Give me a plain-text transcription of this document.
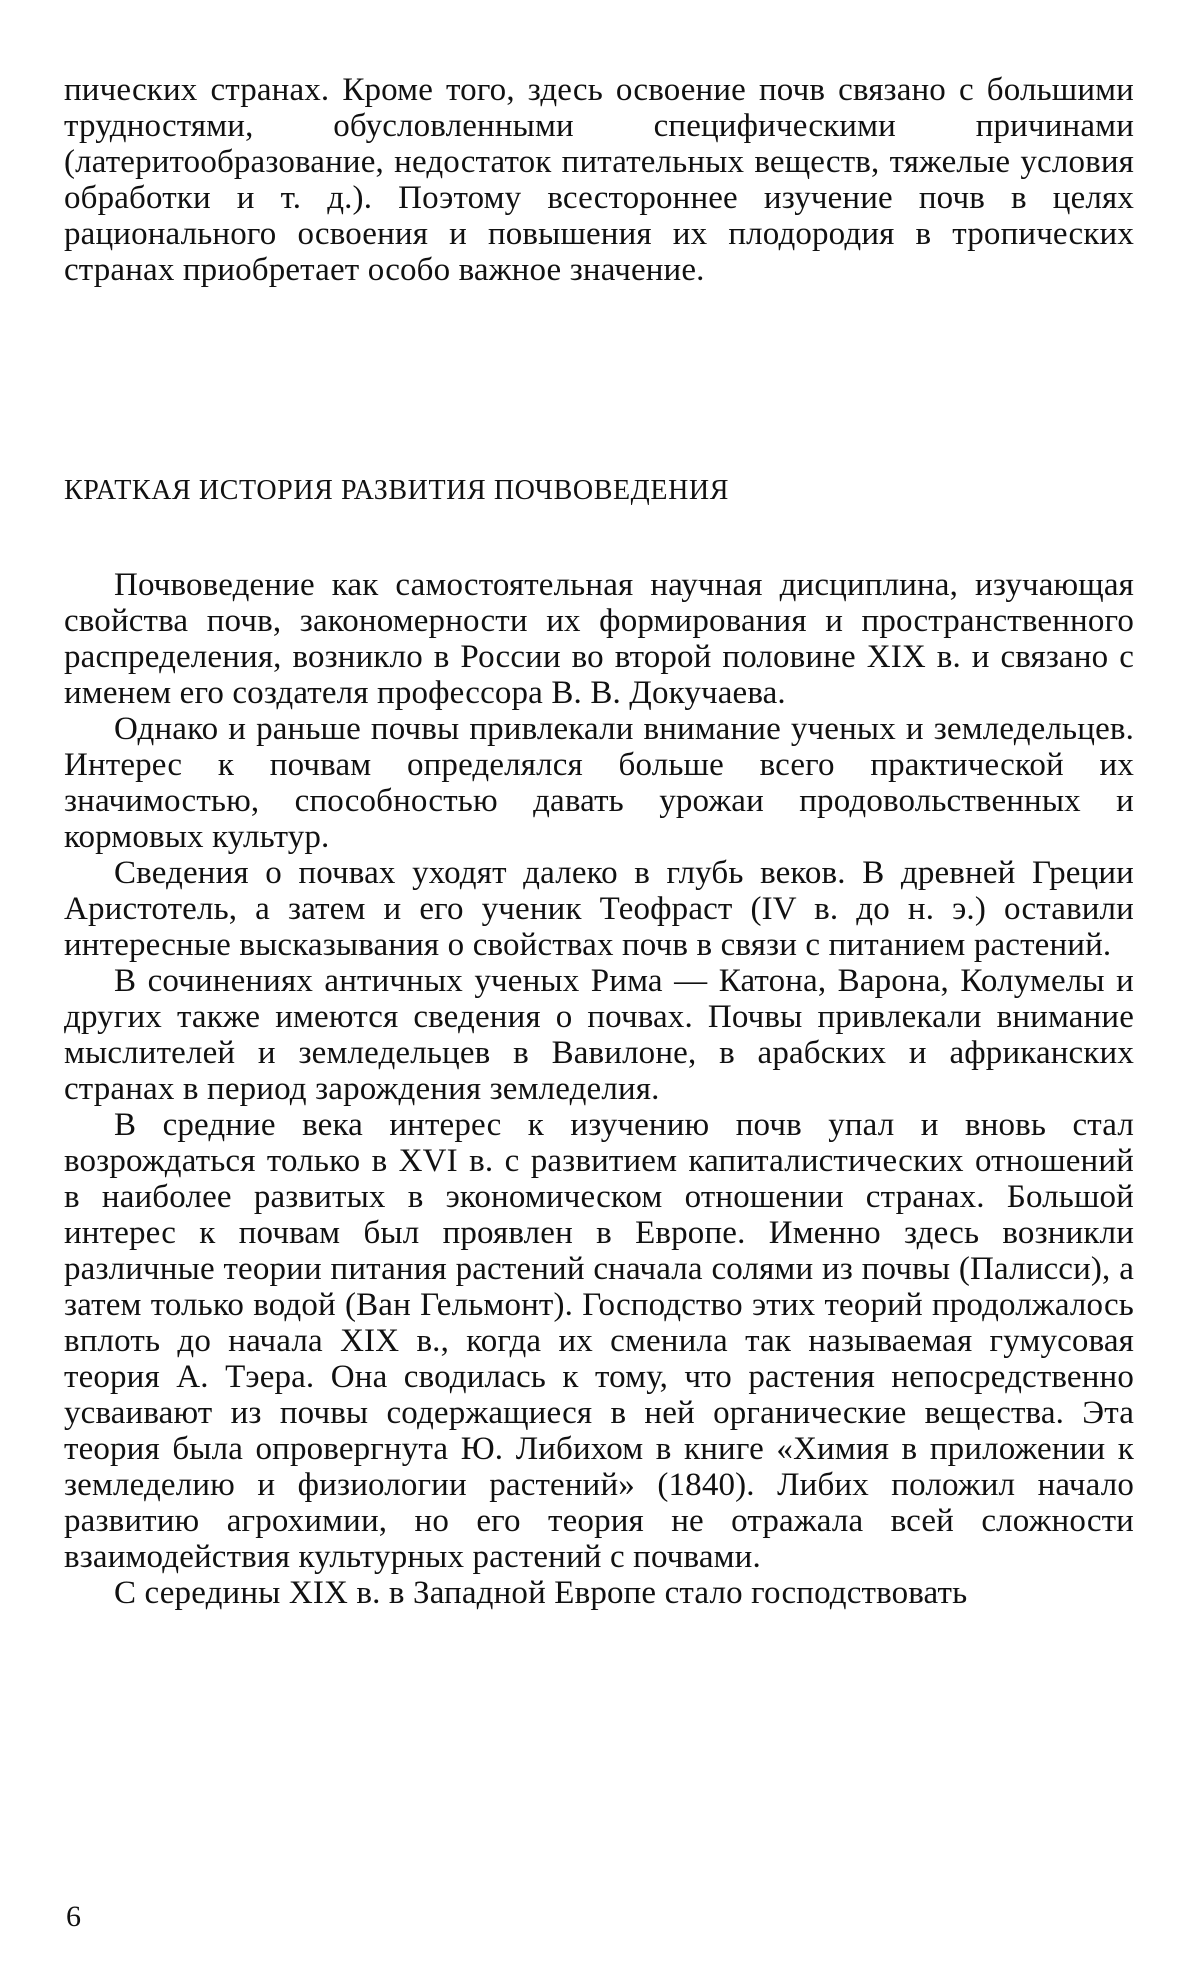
пических странах. Кроме того, здесь освоение почв связано с большими трудностями, обусловленными специфическими причинами (латеритообразование, недостаток питательных веществ, тяжелые условия обработки и т. д.). Поэтому всестороннее изучение почв в целях рационального освоения и повышения их плодородия в тропических странах приобретает особо важное значение.

КРАТКАЯ ИСТОРИЯ РАЗВИТИЯ ПОЧВОВЕДЕНИЯ

Почвоведение как самостоятельная научная дисциплина, изучающая свойства почв, закономерности их формирования и пространственного распределения, возникло в России во второй половине XIX в. и связано с именем его создателя профессора В. В. Докучаева.

Однако и раньше почвы привлекали внимание ученых и земледельцев. Интерес к почвам определялся больше всего практической их значимостью, способностью давать урожаи продовольственных и кормовых культур.

Сведения о почвах уходят далеко в глубь веков. В древней Греции Аристотель, а затем и его ученик Теофраст (IV в. до н. э.) оставили интересные высказывания о свойствах почв в связи с питанием растений.

В сочинениях античных ученых Рима — Катона, Варона, Колумелы и других также имеются сведения о почвах. Почвы привлекали внимание мыслителей и земледельцев в Вавилоне, в арабских и африканских странах в период зарождения земледелия.

В средние века интерес к изучению почв упал и вновь стал возрождаться только в XVI в. с развитием капиталистических отношений в наиболее развитых в экономическом отношении странах. Большой интерес к почвам был проявлен в Европе. Именно здесь возникли различные теории питания растений сначала солями из почвы (Палисси), а затем только водой (Ван Гельмонт). Господство этих теорий продолжалось вплоть до начала XIX в., когда их сменила так называемая гумусовая теория А. Тэера. Она сводилась к тому, что растения непосредственно усваивают из почвы содержащиеся в ней органические вещества. Эта теория была опровергнута Ю. Либихом в книге «Химия в приложении к земледелию и физиологии растений» (1840). Либих положил начало развитию агрохимии, но его теория не отражала всей сложности взаимодействия культурных растений с почвами.

С середины XIX в. в Западной Европе стало господствовать

6
